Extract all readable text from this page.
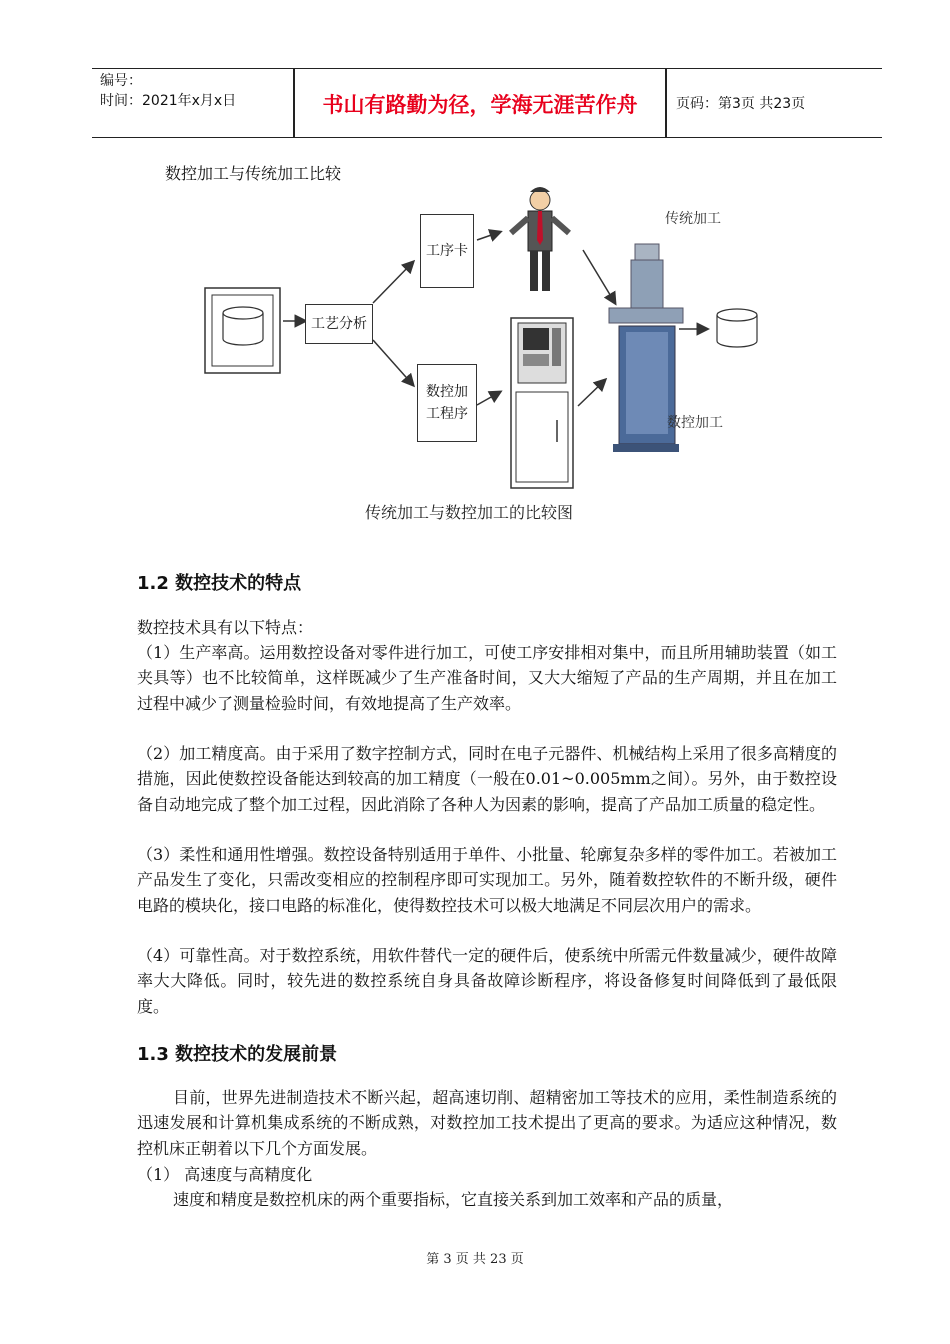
编号：
时间：2021年x月x日	书山有路勤为径，学海无涯苦作舟	页码：第3页 共23页
数控加工与传统加工比较
工艺分析
工序卡
数控加
工程序
传统加工
数控加工
传统加工与数控加工的比较图
1.2 数控技术的特点

数控技术具有以下特点：

（1）生产率高。运用数控设备对零件进行加工，可使工序安排相对集中，而且所用辅助装置（如工夹具等）也不比较简单，这样既减少了生产准备时间，又大大缩短了产品的生产周期，并且在加工过程中减少了测量检验时间，有效地提高了生产效率。

（2）加工精度高。由于采用了数字控制方式，同时在电子元器件、机械结构上采用了很多高精度的措施，因此使数控设备能达到较高的加工精度（一般在0.01~0.005mm之间）。另外，由于数控设备自动地完成了整个加工过程，因此消除了各种人为因素的影响，提高了产品加工质量的稳定性。

（3）柔性和通用性增强。数控设备特别适用于单件、小批量、轮廓复杂多样的零件加工。若被加工产品发生了变化，只需改变相应的控制程序即可实现加工。另外，随着数控软件的不断升级，硬件电路的模块化，接口电路的标准化，使得数控技术可以极大地满足不同层次用户的需求。

（4）可靠性高。对于数控系统，用软件替代一定的硬件后，使系统中所需元件数量减少，硬件故障率大大降低。同时，较先进的数控系统自身具备故障诊断程序，将设备修复时间降低到了最低限度。

1.3 数控技术的发展前景

目前，世界先进制造技术不断兴起，超高速切削、超精密加工等技术的应用，柔性制造系统的迅速发展和计算机集成系统的不断成熟，对数控加工技术提出了更高的要求。为适应这种情况，数控机床正朝着以下几个方面发展。

（1） 高速度与高精度化

速度和精度是数控机床的两个重要指标，它直接关系到加工效率和产品的质量，

第 3 页 共 23 页
